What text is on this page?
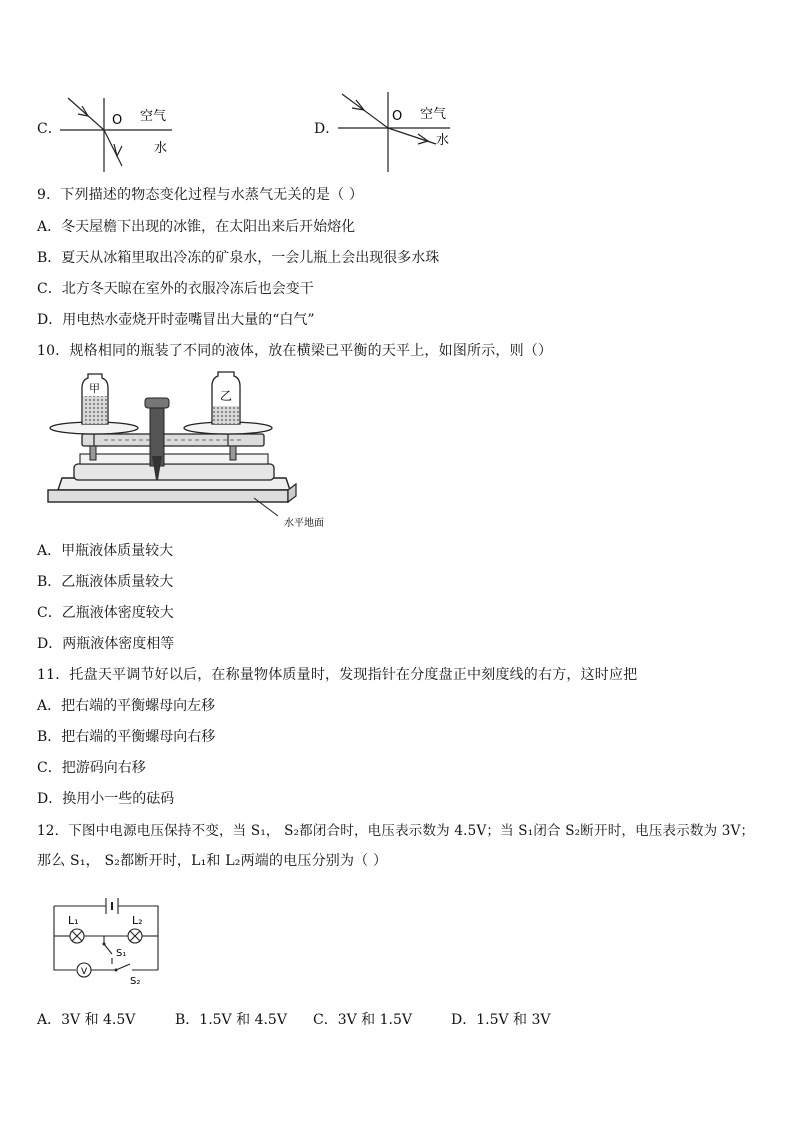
C．
O 空气
水
D．
O 空气
水
9．下列描述的物态变化过程与水蒸气无关的是（ ）
A．冬天屋檐下出现的冰锥，在太阳出来后开始熔化
B．夏天从冰箱里取出冷冻的矿泉水，一会儿瓶上会出现很多水珠
C．北方冬天晾在室外的衣服冷冻后也会变干
D．用电热水壶烧开时壶嘴冒出大量的“白气”
10．规格相同的瓶装了不同的液体，放在横梁已平衡的天平上，如图所示，则（）
甲
乙
水平地面
A．甲瓶液体质量较大
B．乙瓶液体质量较大
C．乙瓶液体密度较大
D．两瓶液体密度相等
11．托盘天平调节好以后，在称量物体质量时，发现指针在分度盘正中刻度线的右方，这时应把
A．把右端的平衡螺母向左移
B．把右端的平衡螺母向右移
C．把游码向右移
D．换用小一些的砝码
12．下图中电源电压保持不变，当 S₁， S₂都闭合时，电压表示数为 4.5V；当 S₁闭合 S₂断开时，电压表示数为 3V；
那么 S₁， S₂都断开时，L₁和 L₂两端的电压分别为（ ）
L₁	L₂
S₁
S₂
V
A．3V 和 4.5V	B．1.5V 和 4.5V C．3V 和 1.5V	D．1.5V 和 3V
